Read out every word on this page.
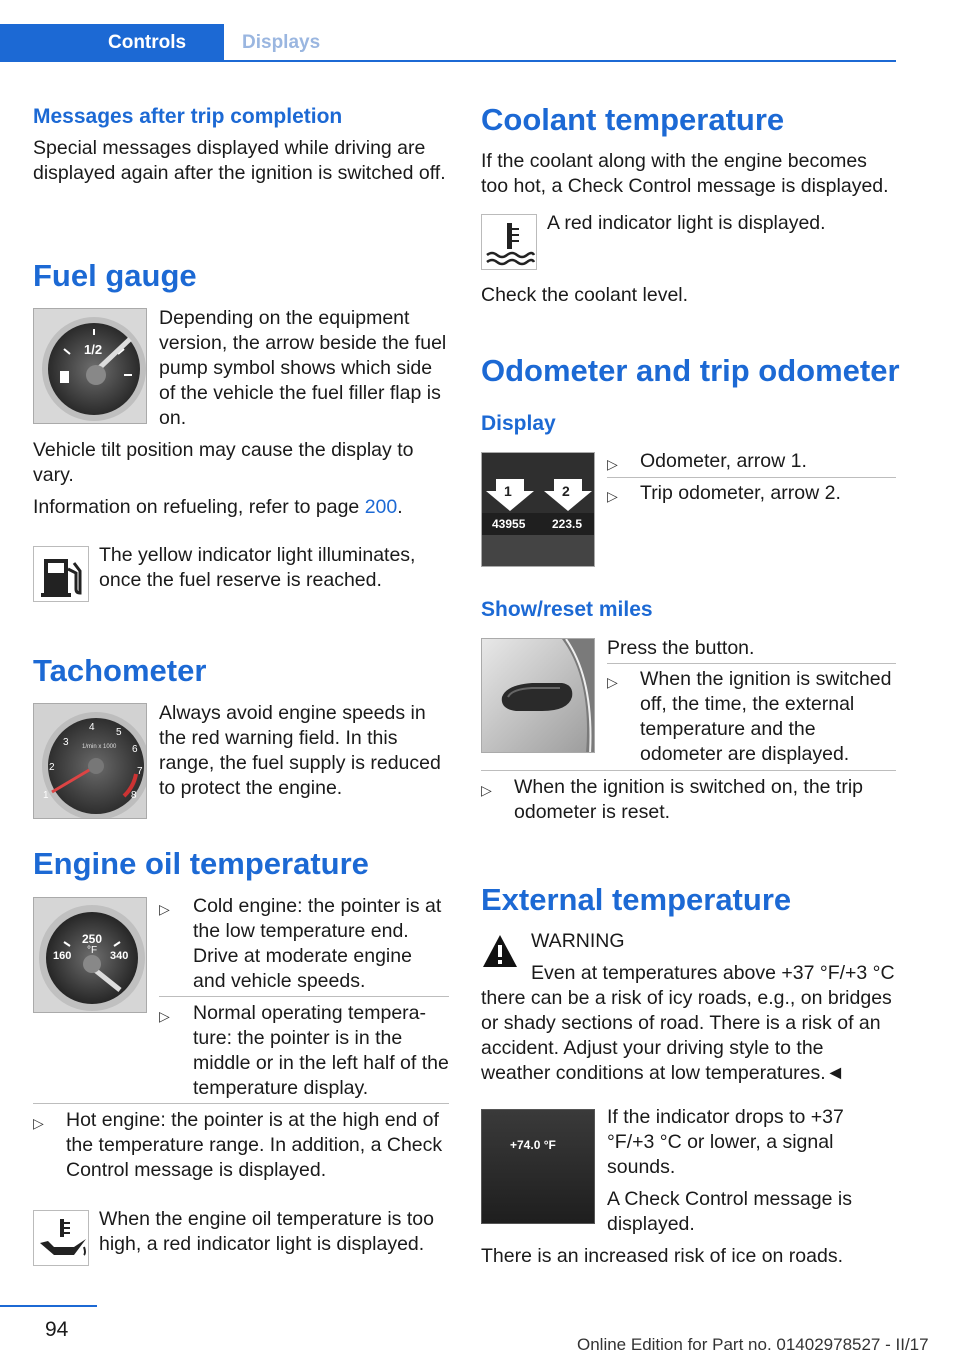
Controls	Displays
Messages after trip completion
Special messages displayed while driving are displayed again after the ignition is switched off.
Fuel gauge
1/2
Depending on the equipment version, the arrow beside the fuel pump symbol shows which side of the vehicle the fuel filler flap is on.
Vehicle tilt position may cause the display to vary.
Information on refueling, refer to page 200.
The yellow indicator light illuminates, once the fuel reserve is reached.
Tachometer
1
2
3
4 5
6
7
8
1/min x 1000
Always avoid engine speeds in the red warning field. In this range, the fuel supply is reduced to protect the engine.
Engine oil temperature
250
°F
160	340
▷ Cold engine: the pointer is at the low temperature end. Drive at moderate engine and vehicle speeds.
▷ Normal operating tempera‐ture: the pointer is in the middle or in the left half of the temperature display.
▷ Hot engine: the pointer is at the high end of the temperature range. In addition, a Check Control message is displayed.
When the engine oil temperature is too high, a red indicator light is displayed.
Coolant temperature
If the coolant along with the engine becomes too hot, a Check Control message is displayed.
A red indicator light is displayed.
Check the coolant level.
Odometer and trip odometer
Display
1	2
43955 223.5
▷ Odometer, arrow 1.
▷ Trip odometer, arrow 2.
Show/reset miles
Press the button.
▷ When the ignition is switched off, the time, the external temperature and the odometer are displayed.
▷ When the ignition is switched on, the trip odometer is reset.
External temperature
WARNING
Even at temperatures above +37 °F/+3 °C there can be a risk of icy roads, e.g., on bridges or shady sections of road. There is a risk of an accident. Adjust your driving style to the weather conditions at low temperatures.◄
+74.0 °F
If the indicator drops to +37 °F/+3 °C or lower, a signal sounds.
A Check Control message is displayed.
There is an increased risk of ice on roads.
94
Online Edition for Part no. 01402978527 - II/17
